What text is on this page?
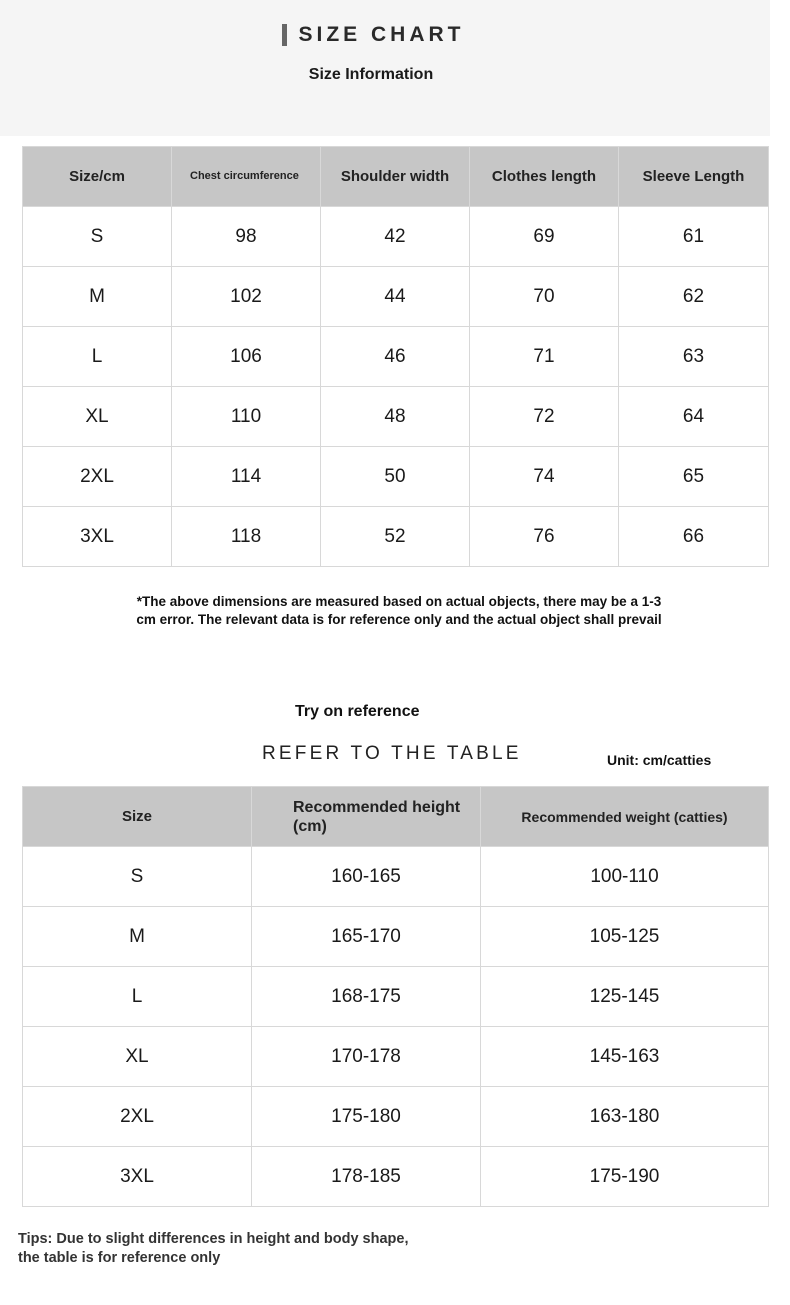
SIZE CHART
Size Information
Size/cm	Chest circumference	Shoulder width	Clothes length	Sleeve Length
S	98	42	69	61
M	102	44	70	62
L	106	46	71	63
XL	110	48	72	64
2XL	114	50	74	65
3XL	118	52	76	66
*The above dimensions are measured based on actual objects, there may be a 1-3
cm error. The relevant data is for reference only and the actual object shall prevail
Try on reference
REFER TO THE TABLE	Unit: cm/catties
Size	Recommended height (cm)	Recommended weight (catties)
S	160-165	100-110
M	165-170	105-125
L	168-175	125-145
XL	170-178	145-163
2XL	175-180	163-180
3XL	178-185	175-190
Tips: Due to slight differences in height and body shape,
the table is for reference only
